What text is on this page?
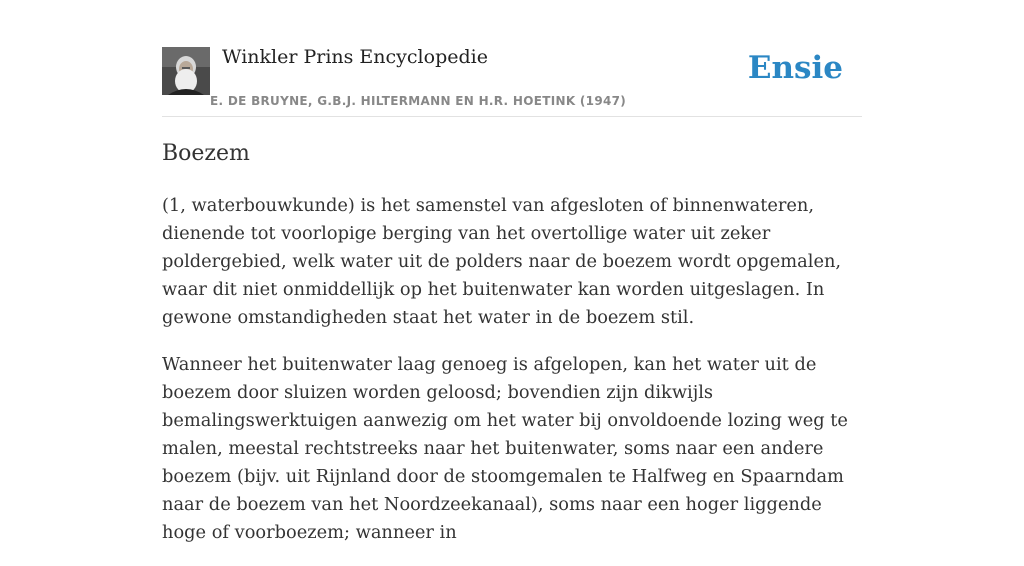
Winkler Prins Encyclopedie
E. DE BRUYNE, G.B.J. HILTERMANN EN H.R. HOETINK (1947)
Ensie
Boezem

(1, waterbouwkunde) is het samenstel van afgesloten of binnenwateren, dienende tot voorlopige berging van het overtollige water uit zeker poldergebied, welk water uit de polders naar de boezem wordt opgemalen, waar dit niet onmiddellijk op het buitenwater kan worden uitgeslagen. In gewone omstandigheden staat het water in de boezem stil.

Wanneer het buitenwater laag genoeg is afgelopen, kan het water uit de boezem door sluizen worden geloosd; bovendien zijn dikwijls bemalingswerktuigen aanwezig om het water bij onvoldoende lozing weg te malen, meestal rechtstreeks naar het buitenwater, soms naar een andere boezem (bijv. uit Rijnland door de stoomgemalen te Halfweg en Spaarndam naar de boezem van het Noordzeekanaal), soms naar een hoger liggende hoge of voorboezem; wanneer in
